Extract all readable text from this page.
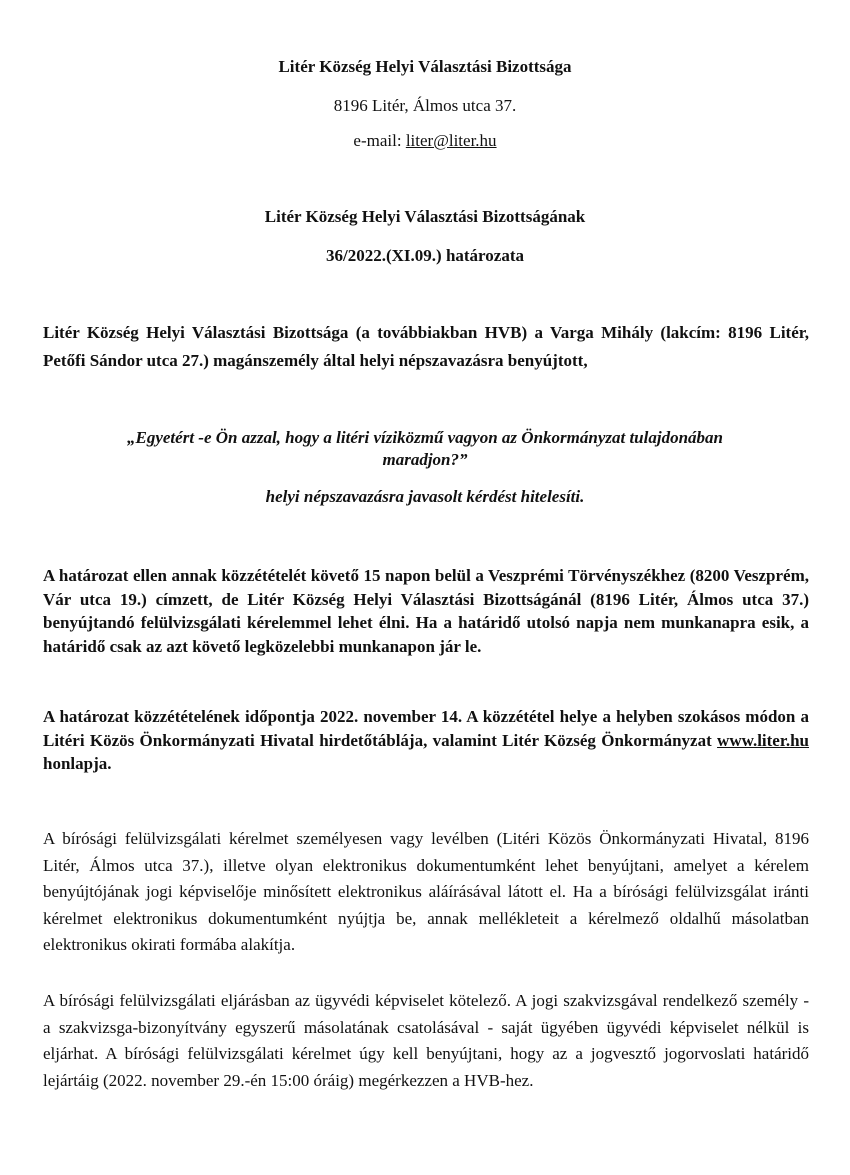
Litér Község Helyi Választási Bizottsága
8196 Litér, Álmos utca 37.
e-mail: liter@liter.hu
Litér Község Helyi Választási Bizottságának
36/2022.(XI.09.) határozata

Litér Község Helyi Választási Bizottsága (a továbbiakban HVB) a Varga Mihály (lakcím: 8196 Litér, Petőfi Sándor utca 27.) magánszemély által helyi népszavazásra benyújtott,

„Egyetért -e Ön azzal, hogy a litéri víziközmű vagyon az Önkormányzat tulajdonában
maradjon?”
helyi népszavazásra javasolt kérdést hitelesíti.

A határozat ellen annak közzétételét követő 15 napon belül a Veszprémi Törvényszékhez (8200 Veszprém, Vár utca 19.) címzett, de Litér Község Helyi Választási Bizottságánál (8196 Litér, Álmos utca 37.) benyújtandó felülvizsgálati kérelemmel lehet élni. Ha a határidő utolsó napja nem munkanapra esik, a határidő csak az azt követő legközelebbi munkanapon jár le.

A határozat közzétételének időpontja 2022. november 14. A közzététel helye a helyben szokásos módon a Litéri Közös Önkormányzati Hivatal hirdetőtáblája, valamint Litér Község Önkormányzat www.liter.hu honlapja.

A bírósági felülvizsgálati kérelmet személyesen vagy levélben (Litéri Közös Önkormányzati Hivatal, 8196 Litér, Álmos utca 37.), illetve olyan elektronikus dokumentumként lehet benyújtani, amelyet a kérelem benyújtójának jogi képviselője minősített elektronikus aláírásával látott el. Ha a bírósági felülvizsgálat iránti kérelmet elektronikus dokumentumként nyújtja be, annak mellékleteit a kérelmező oldalhű másolatban elektronikus okirati formába alakítja.

A bírósági felülvizsgálati eljárásban az ügyvédi képviselet kötelező. A jogi szakvizsgával rendelkező személy - a szakvizsga-bizonyítvány egyszerű másolatának csatolásával - saját ügyében ügyvédi képviselet nélkül is eljárhat. A bírósági felülvizsgálati kérelmet úgy kell benyújtani, hogy az a jogvesztő jogorvoslati határidő lejártáig (2022. november 29.-én 15:00 óráig) megérkezzen a HVB-hez.
